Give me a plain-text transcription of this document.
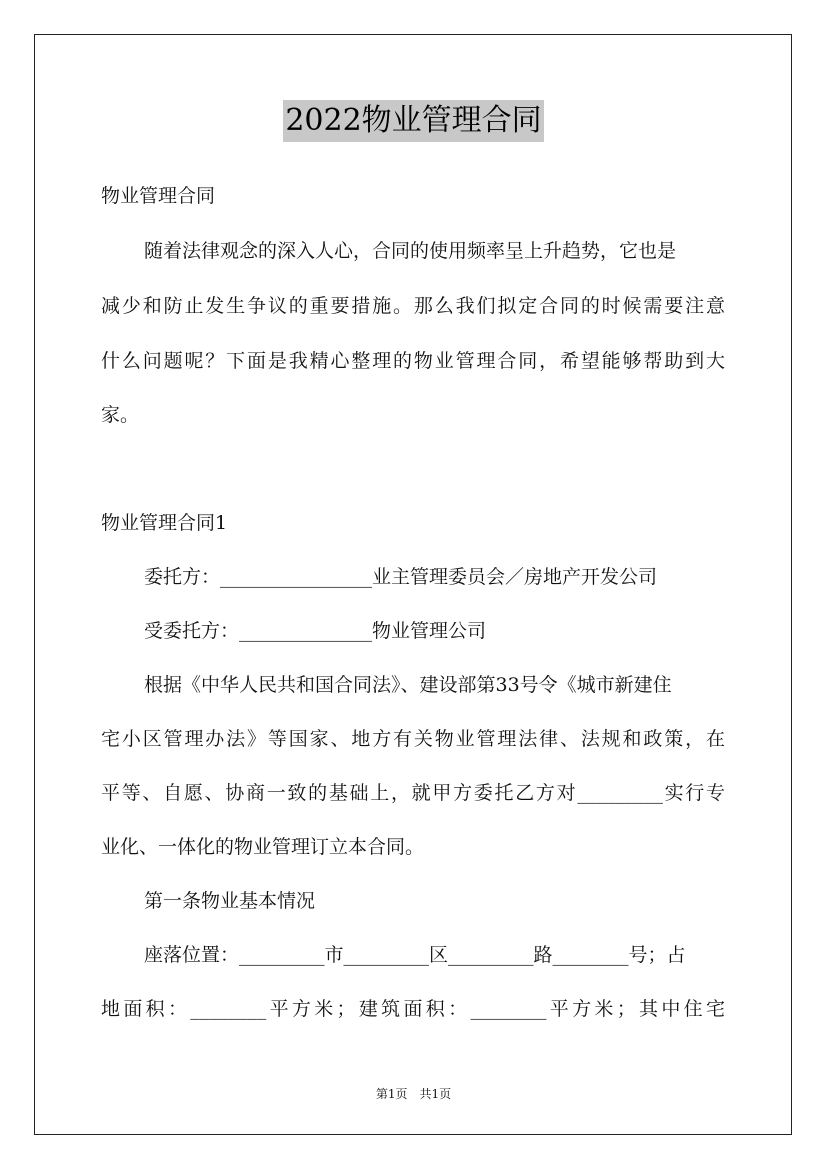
2022物业管理合同
物业管理合同
随着法律观念的深入人心，合同的使用频率呈上升趋势，它也是
减少和防止发生争议的重要措施。那么我们拟定合同的时候需要注意
什么问题呢？下面是我精心整理的物业管理合同，希望能够帮助到大
家。
物业管理合同1
委托方：________________业主管理委员会／房地产开发公司
受委托方：______________物业管理公司
根据《中华人民共和国合同法》、建设部第33号令《城市新建住
宅小区管理办法》等国家、地方有关物业管理法律、法规和政策，在
平等、自愿、协商一致的基础上，就甲方委托乙方对_________实行专
业化、一体化的物业管理订立本合同。
第一条物业基本情况
座落位置：_________市_________区_________路________号；占
地面积：________平方米；建筑面积：________平方米；其中住宅
第1页　共1页
